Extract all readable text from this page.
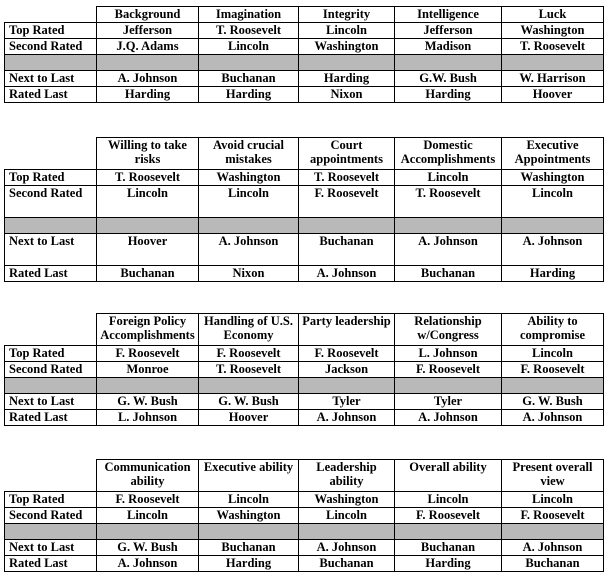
	Background	Imagination	Integrity	Intelligence	Luck
Top Rated	Jefferson	T. Roosevelt	Lincoln	Jefferson	Washington
Second Rated	J.Q. Adams	Lincoln	Washington	Madison	T. Roosevelt

Next to Last	A. Johnson	Buchanan	Harding	G.W. Bush	W. Harrison
Rated Last	Harding	Harding	Nixon	Harding	Hoover
	Willing to take risks	Avoid crucial mistakes	Court appointments	Domestic Accomplishments	Executive Appointments
Top Rated	T. Roosevelt	Washington	T. Roosevelt	Lincoln	Washington
Second Rated	Lincoln	Lincoln	F. Roosevelt	T. Roosevelt	Lincoln

Next to Last	Hoover	A. Johnson	Buchanan	A. Johnson	A. Johnson
Rated Last	Buchanan	Nixon	A. Johnson	Buchanan	Harding
	Foreign Policy Accomplishments	Handling of U.S. Economy	Party leadership	Relationship w/Congress	Ability to compromise
Top Rated	F. Roosevelt	F. Roosevelt	F. Roosevelt	L. Johnson	Lincoln
Second Rated	Monroe	T. Roosevelt	Jackson	F. Roosevelt	F. Roosevelt

Next to Last	G. W. Bush	G. W. Bush	Tyler	Tyler	G. W. Bush
Rated Last	L. Johnson	Hoover	A. Johnson	A. Johnson	A. Johnson
	Communication ability	Executive ability	Leadership ability	Overall ability	Present overall view
Top Rated	F. Roosevelt	Lincoln	Washington	Lincoln	Lincoln
Second Rated	Lincoln	Washington	Lincoln	F. Roosevelt	F. Roosevelt

Next to Last	G. W. Bush	Buchanan	A. Johnson	Buchanan	A. Johnson
Rated Last	A. Johnson	Harding	Buchanan	Harding	Buchanan
